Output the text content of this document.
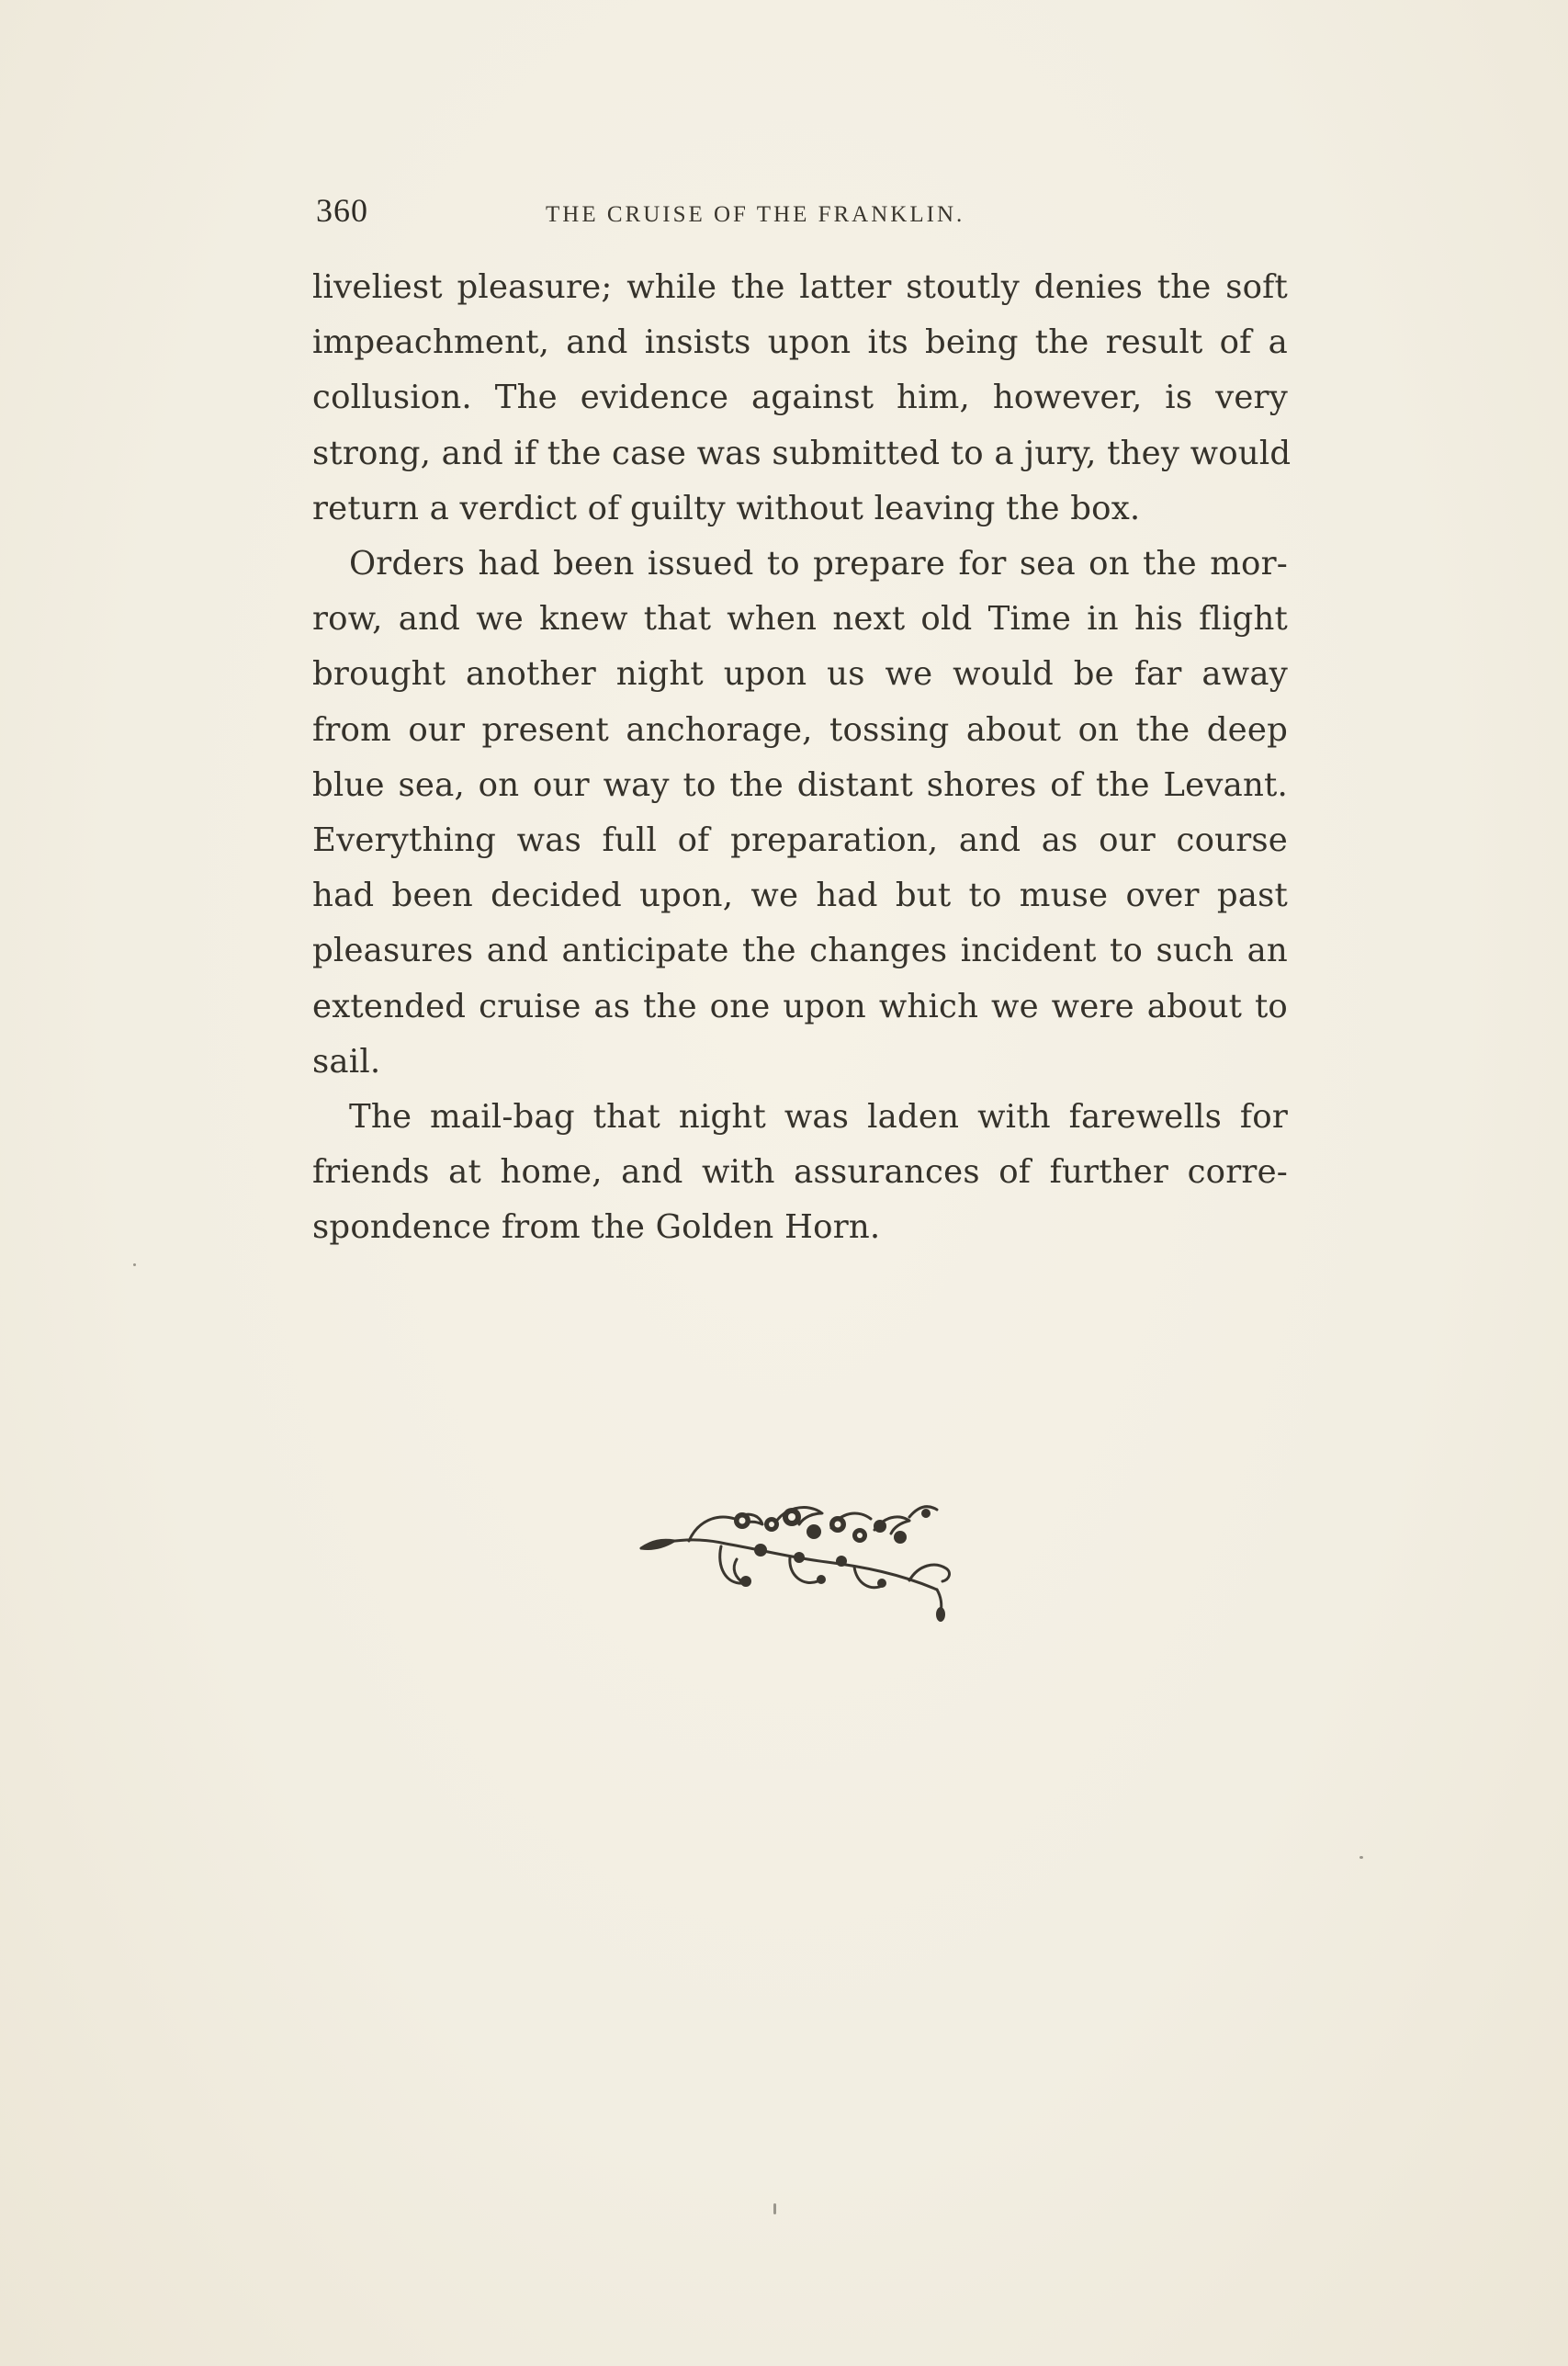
360	THE CRUISE OF THE FRANKLIN.

liveliest pleasure; while the latter stoutly denies the soft
impeachment, and insists upon its being the result of a
collusion. The evidence against him, however, is very
strong, and if the case was submitted to a jury, they would
return a verdict of guilty without leaving the box.

Orders had been issued to prepare for sea on the mor-
row, and we knew that when next old Time in his flight
brought another night upon us we would be far away
from our present anchorage, tossing about on the deep
blue sea, on our way to the distant shores of the Levant.
Everything was full of preparation, and as our course
had been decided upon, we had but to muse over past
pleasures and anticipate the changes incident to such an
extended cruise as the one upon which we were about to
sail.

The mail-bag that night was laden with farewells for
friends at home, and with assurances of further corre-
spondence from the Golden Horn.
